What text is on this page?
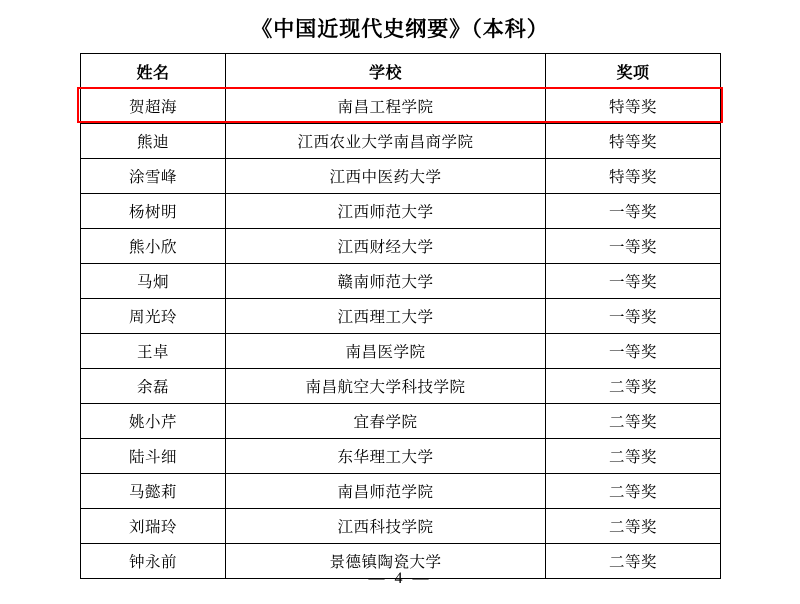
《中国近现代史纲要》（本科）
姓名	学校	奖项
贺超海	南昌工程学院	特等奖
熊迪	江西农业大学南昌商学院	特等奖
涂雪峰	江西中医药大学	特等奖
杨树明	江西师范大学	一等奖
熊小欣	江西财经大学	一等奖
马炯	赣南师范大学	一等奖
周光玲	江西理工大学	一等奖
王卓	南昌医学院	一等奖
余磊	南昌航空大学科技学院	二等奖
姚小芹	宜春学院	二等奖
陆斗细	东华理工大学	二等奖
马懿莉	南昌师范学院	二等奖
刘瑞玲	江西科技学院	二等奖
钟永前	景德镇陶瓷大学	二等奖
— 4 —
